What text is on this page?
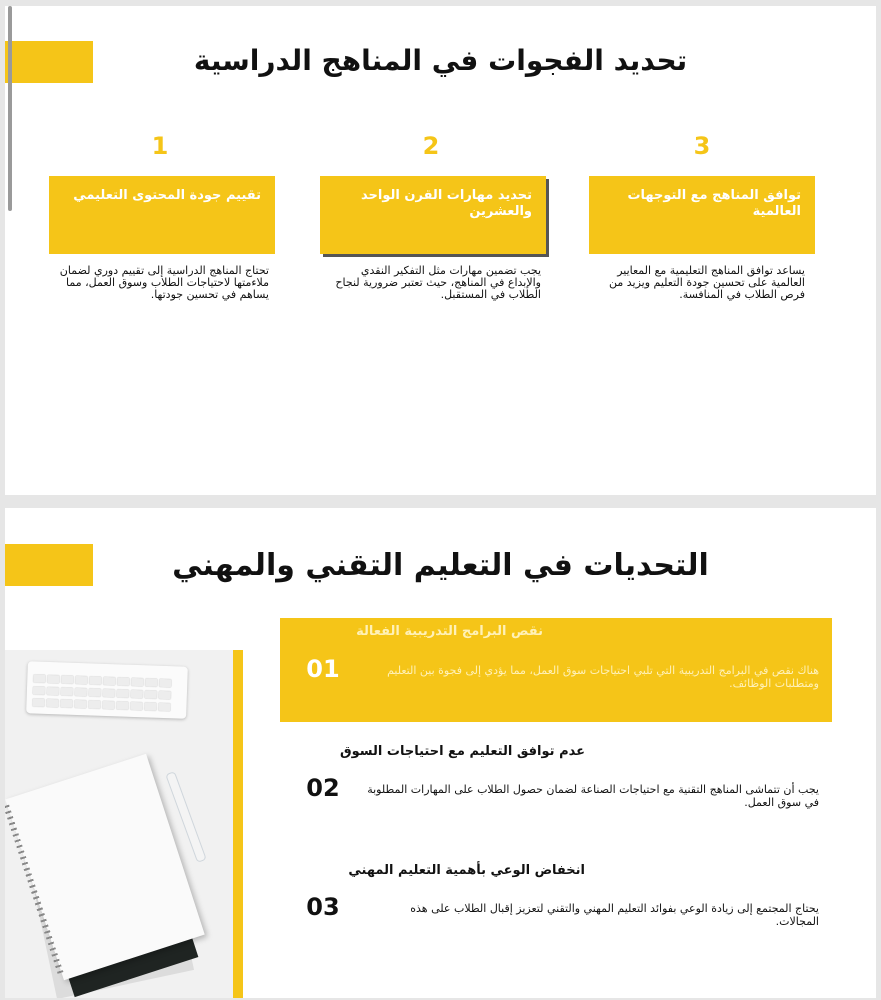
تحديد الفجوات في المناهج الدراسية
1
تقييم جودة المحتوى التعليمي
تحتاج المناهج الدراسية إلى تقييم دوري لضمان ملاءمتها لاحتياجات الطلاب وسوق العمل، مما يساهم في تحسين جودتها.
2
تحديد مهارات القرن الواحد والعشرين
يجب تضمين مهارات مثل التفكير النقدي والإبداع في المناهج، حيث تعتبر ضرورية لنجاح الطلاب في المستقبل.
3
توافق المناهج مع التوجهات العالمية
يساعد توافق المناهج التعليمية مع المعايير العالمية على تحسين جودة التعليم ويزيد من فرص الطلاب في المنافسة.
التحديات في التعليم التقني والمهني
نقص البرامج التدريبية الفعالة
01	هناك نقص في البرامج التدريبية التي تلبي احتياجات سوق العمل، مما يؤدي إلى فجوة بين التعليم ومتطلبات الوظائف.
عدم توافق التعليم مع احتياجات السوق
02	يجب أن تتماشى المناهج التقنية مع احتياجات الصناعة لضمان حصول الطلاب على المهارات المطلوبة في سوق العمل.
انخفاض الوعي بأهمية التعليم المهني
03	يحتاج المجتمع إلى زيادة الوعي بفوائد التعليم المهني والتقني لتعزيز إقبال الطلاب على هذه المجالات.
